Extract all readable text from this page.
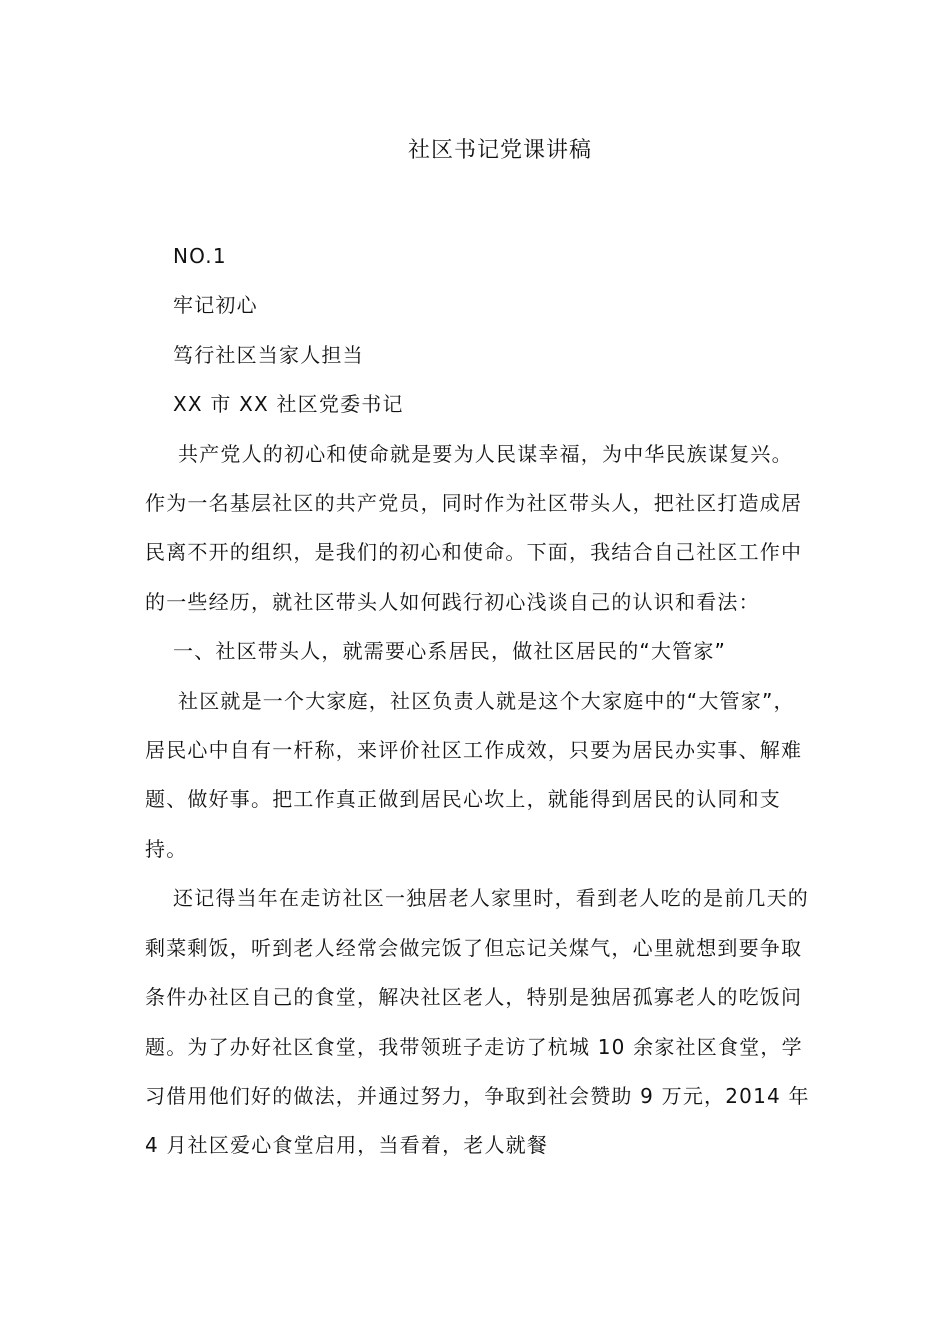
社区书记党课讲稿

NO.1

牢记初心

笃行社区当家人担当

XX 市 XX 社区党委书记

共产党人的初心和使命就是要为人民谋幸福，为中华民族谋复兴。作为一名基层社区的共产党员，同时作为社区带头人，把社区打造成居民离不开的组织，是我们的初心和使命。下面，我结合自己社区工作中的一些经历，就社区带头人如何践行初心浅谈自己的认识和看法：

一、社区带头人，就需要心系居民，做社区居民的“大管家”

社区就是一个大家庭，社区负责人就是这个大家庭中的“大管家”，居民心中自有一杆称，来评价社区工作成效，只要为居民办实事、解难题、做好事。把工作真正做到居民心坎上，就能得到居民的认同和支持。

还记得当年在走访社区一独居老人家里时，看到老人吃的是前几天的剩菜剩饭，听到老人经常会做完饭了但忘记关煤气，心里就想到要争取条件办社区自己的食堂，解决社区老人，特别是独居孤寡老人的吃饭问题。为了办好社区食堂，我带领班子走访了杭城 10 余家社区食堂，学习借用他们好的做法，并通过努力，争取到社会赞助 9 万元，2014 年 4 月社区爱心食堂启用，当看着，老人就餐
